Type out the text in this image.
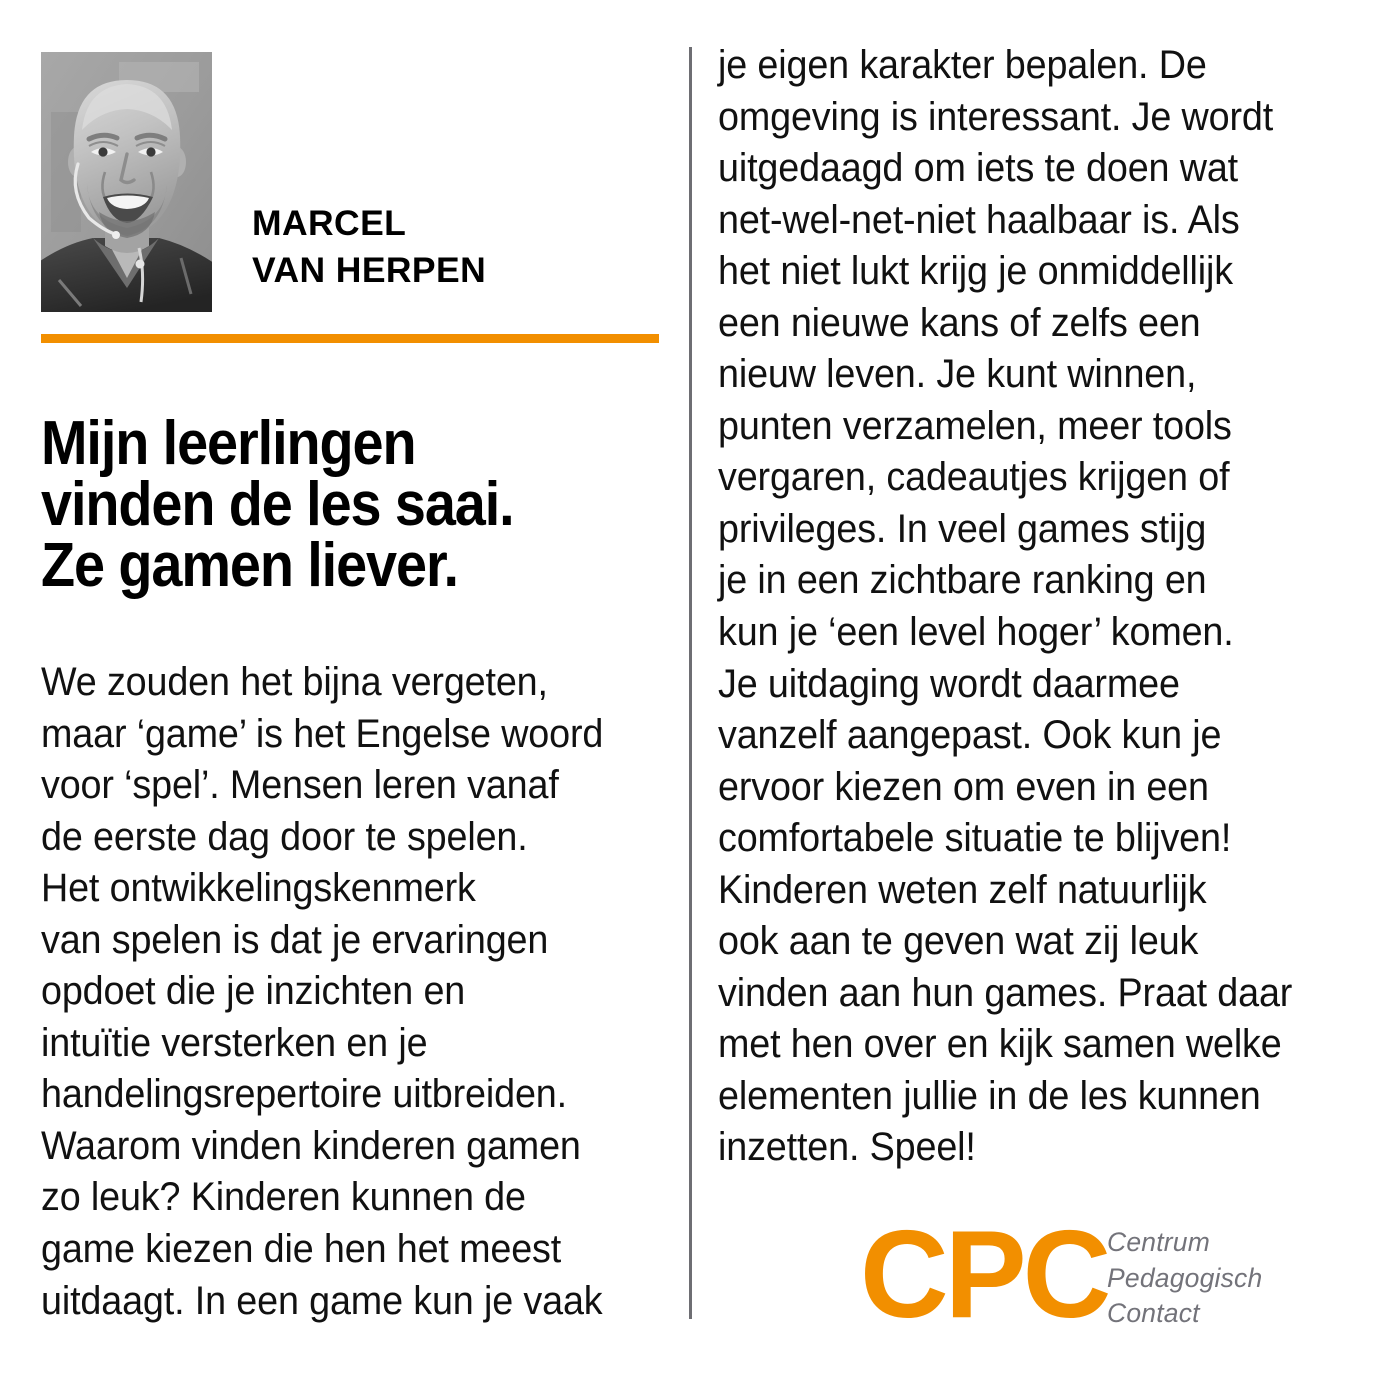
MARCEL
VAN HERPEN
Mijn leerlingen
vinden de les saai.
Ze gamen liever.
We zouden het bijna vergeten,
maar ‘game’ is het Engelse woord
voor ‘spel’. Mensen leren vanaf
de eerste dag door te spelen.
Het ontwikkelingskenmerk
van spelen is dat je ervaringen
opdoet die je inzichten en
intuïtie versterken en je
handelingsrepertoire uitbreiden.
Waarom vinden kinderen gamen
zo leuk? Kinderen kunnen de
game kiezen die hen het meest
uitdaagt. In een game kun je vaak
je eigen karakter bepalen. De
omgeving is interessant. Je wordt
uitgedaagd om iets te doen wat
net-wel-net-niet haalbaar is. Als
het niet lukt krijg je onmiddellijk
een nieuwe kans of zelfs een
nieuw leven. Je kunt winnen,
punten verzamelen, meer tools
vergaren, cadeautjes krijgen of
privileges. In veel games stijg
je in een zichtbare ranking en
kun je ‘een level hoger’ komen.
Je uitdaging wordt daarmee
vanzelf aangepast. Ook kun je
ervoor kiezen om even in een
comfortabele situatie te blijven!
Kinderen weten zelf natuurlijk
ook aan te geven wat zij leuk
vinden aan hun games. Praat daar
met hen over en kijk samen welke
elementen jullie in de les kunnen
inzetten. Speel!
CPC Centrum
Pedagogisch
Contact
